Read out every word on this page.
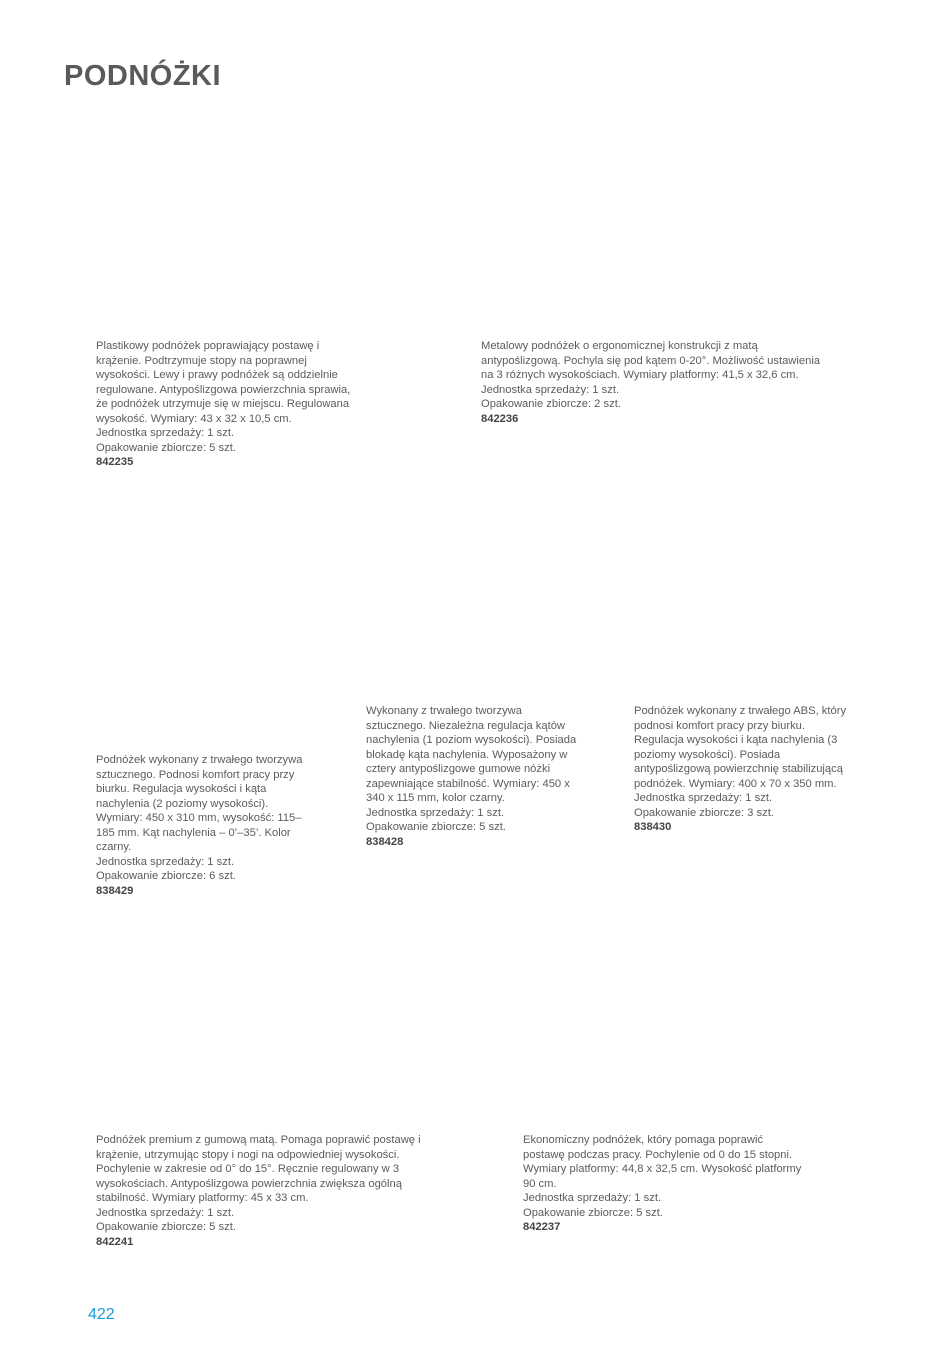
PODNÓŻKI

Plastikowy podnóżek poprawiający postawę i krążenie. Podtrzymuje stopy na poprawnej wysokości. Lewy i prawy podnóżek są oddzielnie regulowane. Antypoślizgowa powierzchnia sprawia, że podnóżek utrzymuje się w miejscu. Regulowana wysokość. Wymiary: 43 x 32 x 10,5 cm.

Jednostka sprzedaży: 1 szt.

Opakowanie zbiorcze: 5 szt.

842235

Metalowy podnóżek o ergonomicznej konstrukcji z matą antypoślizgową. Pochyla się pod kątem 0-20°. Możliwość ustawienia na 3 różnych wysokościach. Wymiary platformy: 41,5 x 32,6 cm.

Jednostka sprzedaży: 1 szt.

Opakowanie zbiorcze: 2 szt.

842236

Podnóżek wykonany z trwałego tworzywa sztucznego. Podnosi komfort pracy przy biurku. Regulacja wysokości i kąta nachylenia (2 poziomy wysokości). Wymiary: 450 x 310 mm, wysokość: 115–185 mm. Kąt nachylenia – 0’–35’. Kolor czarny.

Jednostka sprzedaży: 1 szt.

Opakowanie zbiorcze: 6 szt.

838429

Wykonany z trwałego tworzywa sztucznego. Niezależna regulacja kątów nachylenia (1 poziom wysokości). Posiada blokadę kąta nachylenia. Wyposażony w cztery antypoślizgowe gumowe nóżki zapewniające stabilność. Wymiary: 450 x 340 x 115 mm, kolor czarny.

Jednostka sprzedaży: 1 szt.

Opakowanie zbiorcze: 5 szt.

838428

Podnóżek wykonany z trwałego ABS, który podnosi komfort pracy przy biurku. Regulacja wysokości i kąta nachylenia (3 poziomy wysokości). Posiada antypoślizgową powierzchnię stabilizującą podnóżek. Wymiary: 400 x 70 x 350 mm.

Jednostka sprzedaży: 1 szt.

Opakowanie zbiorcze: 3 szt.

838430

Podnóżek premium z gumową matą. Pomaga poprawić postawę i krążenie, utrzymując stopy i nogi na odpowiedniej wysokości. Pochylenie w zakresie od 0° do 15°. Ręcznie regulowany w 3 wysokościach. Antypoślizgowa powierzchnia zwiększa ogólną stabilność. Wymiary platformy: 45 x 33 cm.

Jednostka sprzedaży: 1 szt.

Opakowanie zbiorcze: 5 szt.

842241

Ekonomiczny podnóżek, który pomaga poprawić postawę podczas pracy. Pochylenie od 0 do 15 stopni. Wymiary platformy: 44,8 x 32,5 cm. Wysokość platformy 90 cm.

Jednostka sprzedaży: 1 szt.

Opakowanie zbiorcze: 5 szt.

842237

422
